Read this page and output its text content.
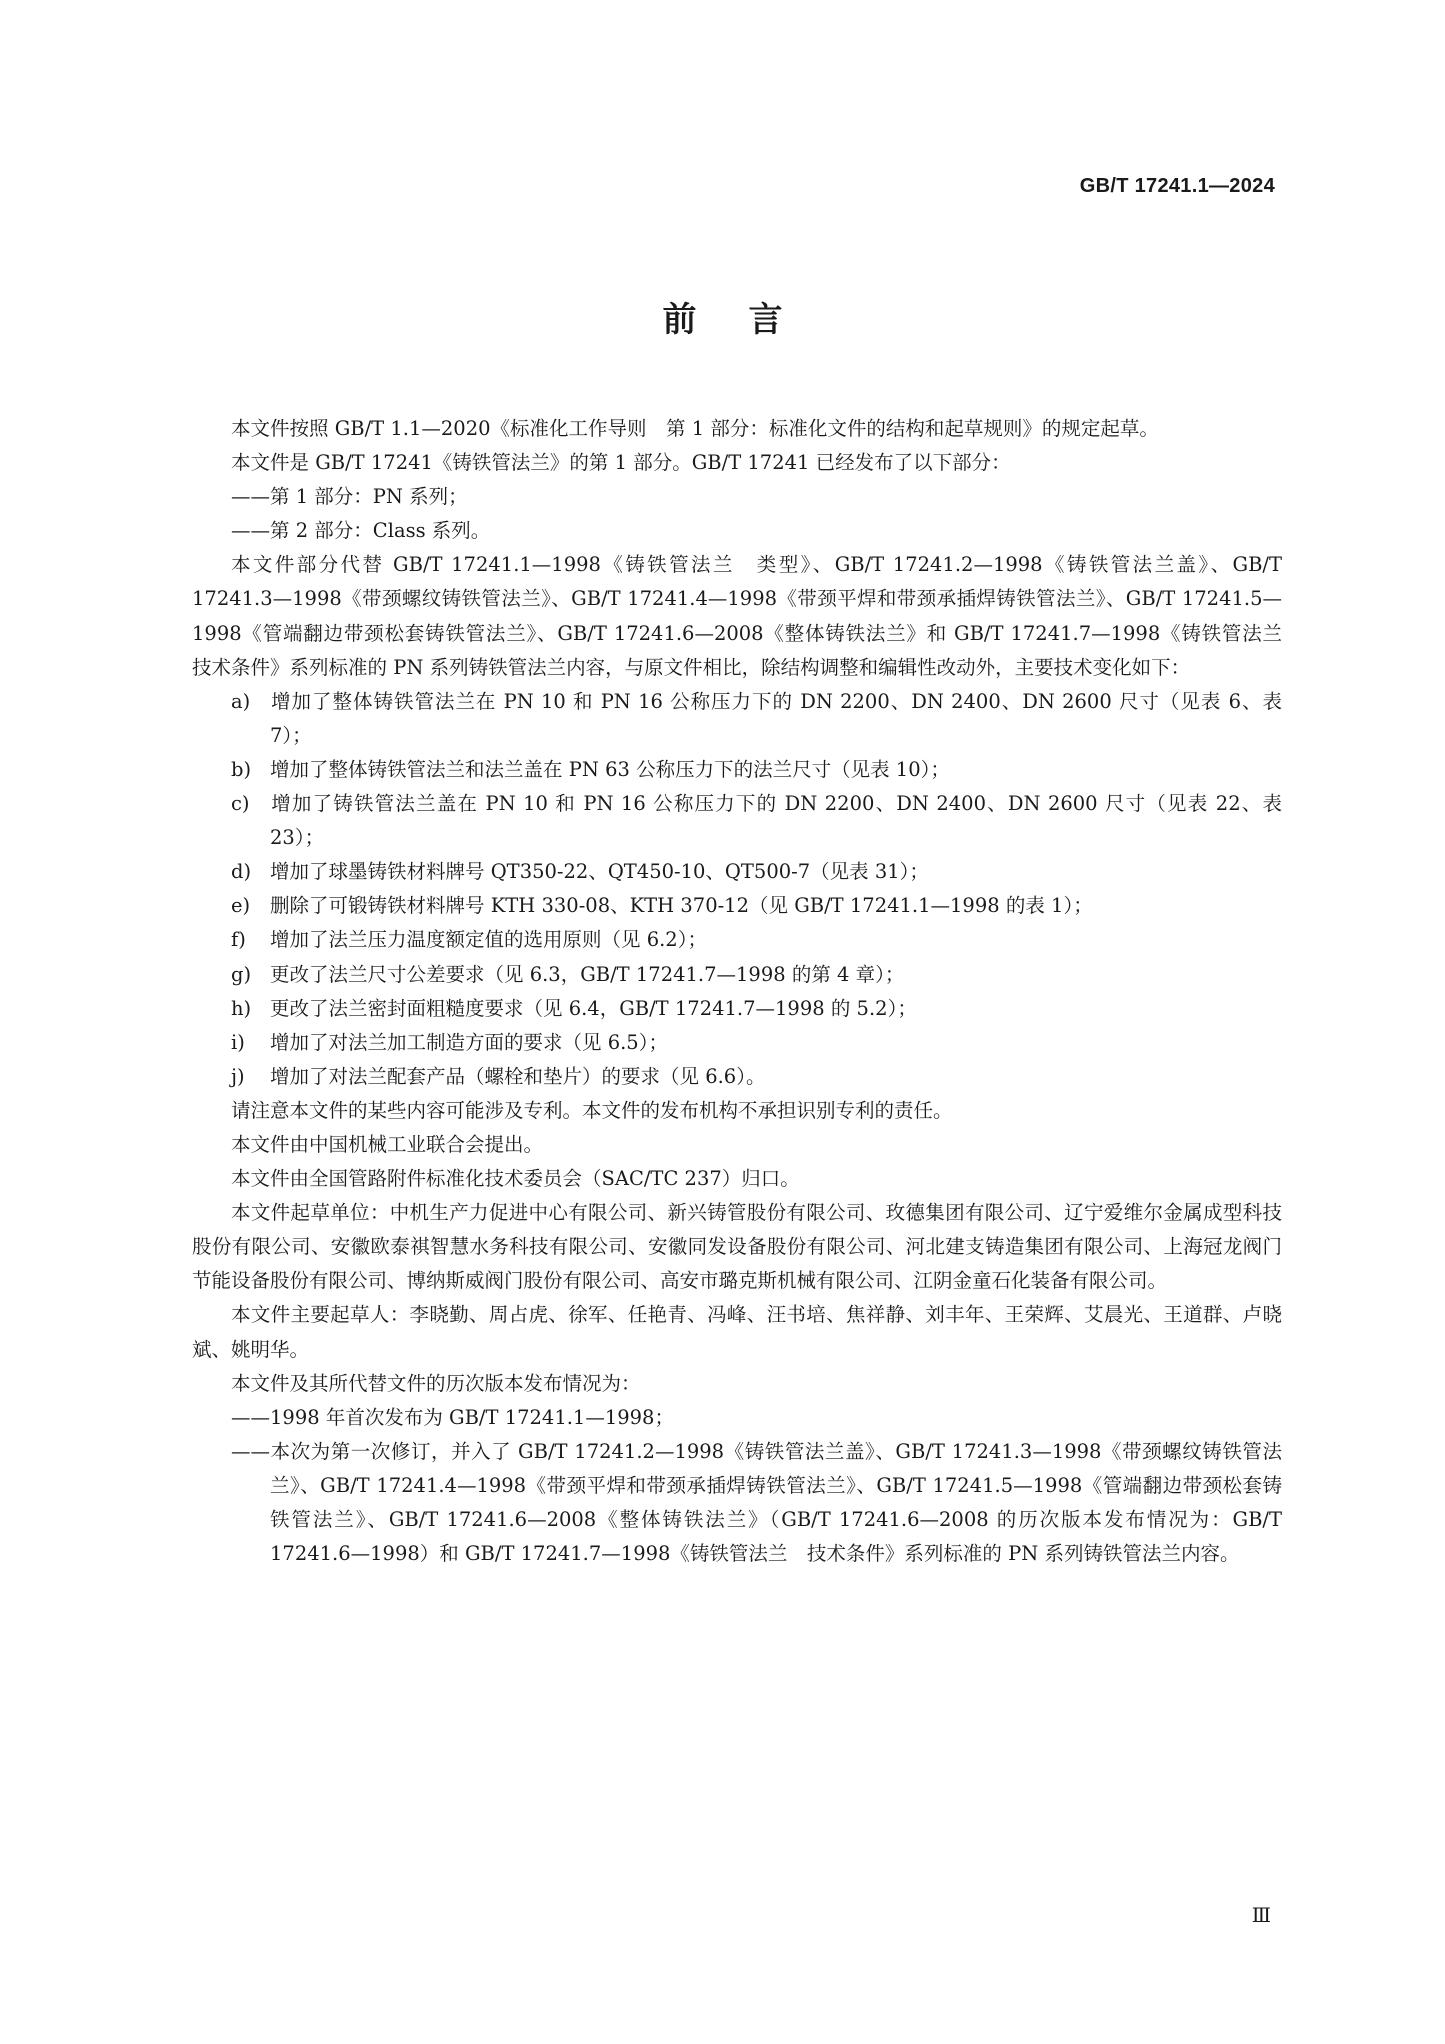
GB/T 17241.1—2024
前言

本文件按照 GB/T 1.1—2020《标准化工作导则　第 1 部分：标准化文件的结构和起草规则》的规定起草。

本文件是 GB/T 17241《铸铁管法兰》的第 1 部分。GB/T 17241 已经发布了以下部分：

——第 1 部分：PN 系列；

——第 2 部分：Class 系列。

本文件部分代替 GB/T 17241.1—1998《铸铁管法兰　类型》、GB/T 17241.2—1998《铸铁管法兰盖》、GB/T 17241.3—1998《带颈螺纹铸铁管法兰》、GB/T 17241.4—1998《带颈平焊和带颈承插焊铸铁管法兰》、GB/T 17241.5—1998《管端翻边带颈松套铸铁管法兰》、GB/T 17241.6—2008《整体铸铁法兰》和 GB/T 17241.7—1998《铸铁管法兰　技术条件》系列标准的 PN 系列铸铁管法兰内容，与原文件相比，除结构调整和编辑性改动外，主要技术变化如下：

a) 增加了整体铸铁管法兰在 PN 10 和 PN 16 公称压力下的 DN 2200、DN 2400、DN 2600 尺寸（见表 6、表 7）；

b) 增加了整体铸铁管法兰和法兰盖在 PN 63 公称压力下的法兰尺寸（见表 10）；

c) 增加了铸铁管法兰盖在 PN 10 和 PN 16 公称压力下的 DN 2200、DN 2400、DN 2600 尺寸（见表 22、表 23）；

d) 增加了球墨铸铁材料牌号 QT350-22、QT450-10、QT500-7（见表 31）；

e) 删除了可锻铸铁材料牌号 KTH 330-08、KTH 370-12（见 GB/T 17241.1—1998 的表 1）；

f) 增加了法兰压力温度额定值的选用原则（见 6.2）；

g) 更改了法兰尺寸公差要求（见 6.3，GB/T 17241.7—1998 的第 4 章）；

h) 更改了法兰密封面粗糙度要求（见 6.4，GB/T 17241.7—1998 的 5.2）；

i) 增加了对法兰加工制造方面的要求（见 6.5）；

j) 增加了对法兰配套产品（螺栓和垫片）的要求（见 6.6）。

请注意本文件的某些内容可能涉及专利。本文件的发布机构不承担识别专利的责任。

本文件由中国机械工业联合会提出。

本文件由全国管路附件标准化技术委员会（SAC/TC 237）归口。

本文件起草单位：中机生产力促进中心有限公司、新兴铸管股份有限公司、玫德集团有限公司、辽宁爱维尔金属成型科技股份有限公司、安徽欧泰祺智慧水务科技有限公司、安徽同发设备股份有限公司、河北建支铸造集团有限公司、上海冠龙阀门节能设备股份有限公司、博纳斯威阀门股份有限公司、高安市璐克斯机械有限公司、江阴金童石化装备有限公司。

本文件主要起草人：李晓勤、周占虎、徐军、任艳青、冯峰、汪书培、焦祥静、刘丰年、王荣辉、艾晨光、王道群、卢晓斌、姚明华。

本文件及其所代替文件的历次版本发布情况为：

——1998 年首次发布为 GB/T 17241.1—1998；

——本次为第一次修订，并入了 GB/T 17241.2—1998《铸铁管法兰盖》、GB/T 17241.3—1998《带颈螺纹铸铁管法兰》、GB/T 17241.4—1998《带颈平焊和带颈承插焊铸铁管法兰》、GB/T 17241.5—1998《管端翻边带颈松套铸铁管法兰》、GB/T 17241.6—2008《整体铸铁法兰》（GB/T 17241.6—2008 的历次版本发布情况为：GB/T 17241.6—1998）和 GB/T 17241.7—1998《铸铁管法兰　技术条件》系列标准的 PN 系列铸铁管法兰内容。

Ⅲ
